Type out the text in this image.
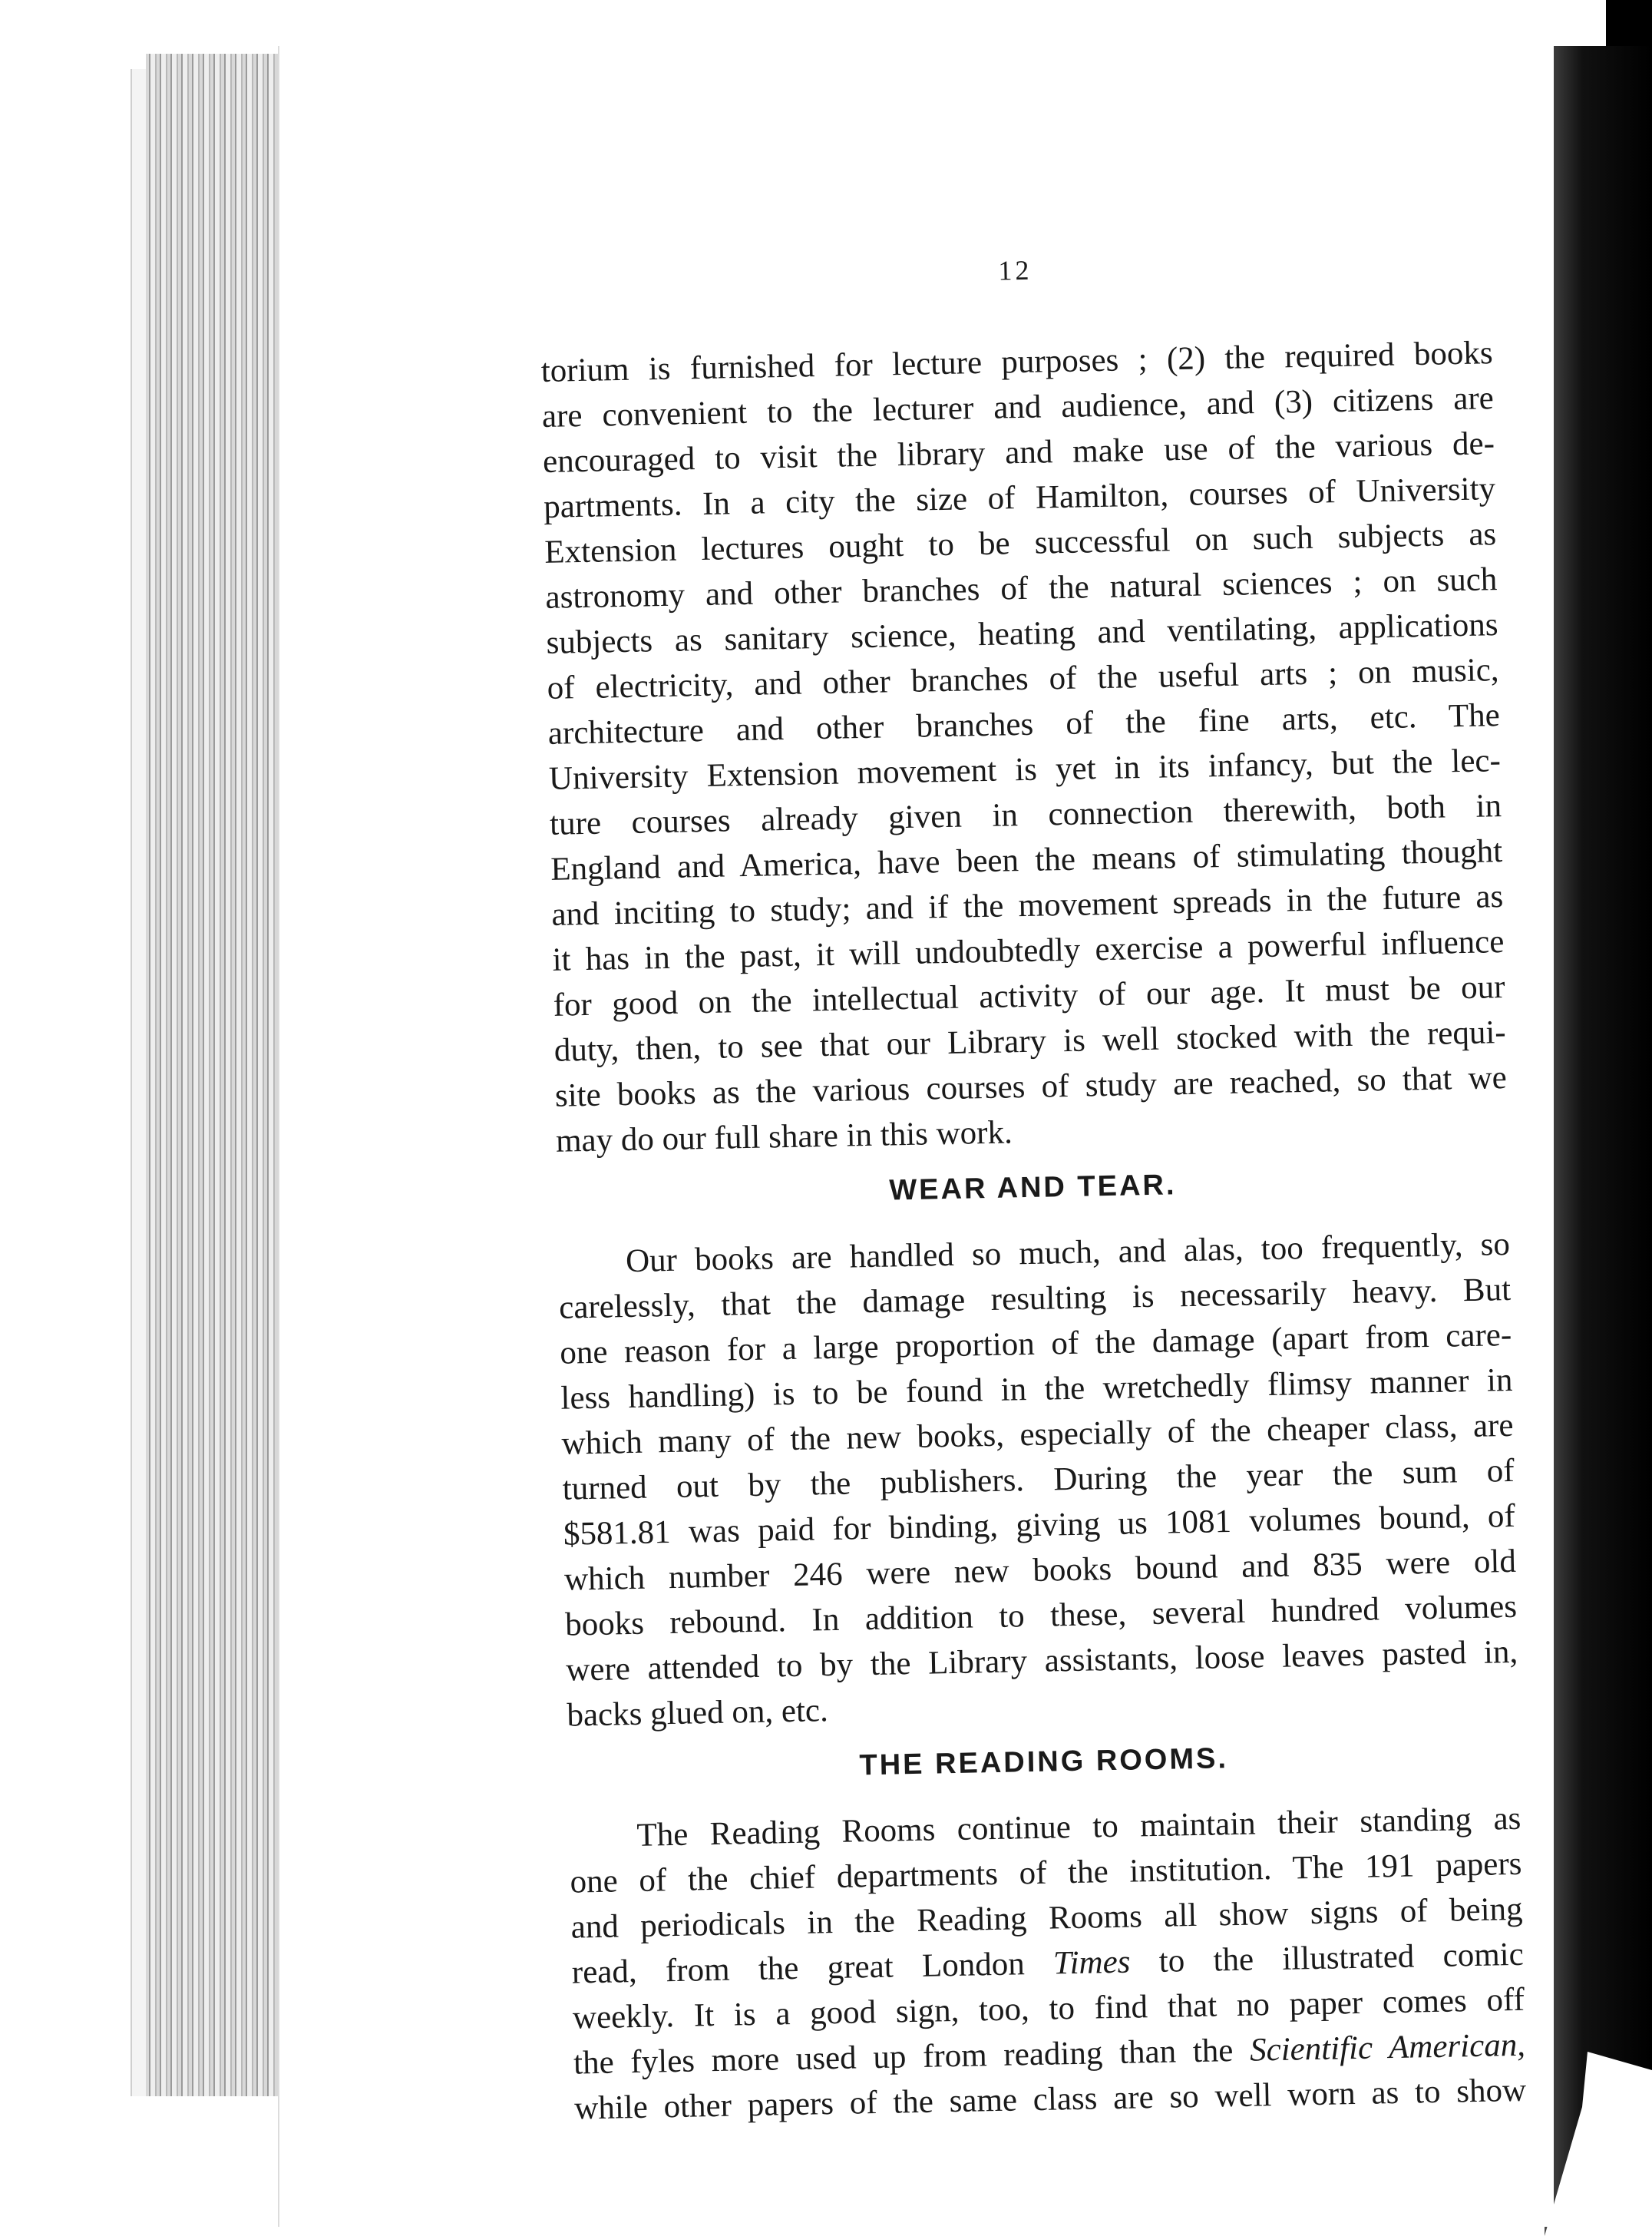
12
torium is furnished for lecture purposes ; (2) the required books
are convenient to the lecturer and audience, and (3) citizens are
encouraged to visit the library and make use of the various de-
partments. In a city the size of Hamilton, courses of University
Extension lectures ought to be successful on such subjects as
astronomy and other branches of the natural sciences ; on such
subjects as sanitary science, heating and ventilating, applications
of electricity, and other branches of the useful arts ; on music,
architecture and other branches of the fine arts, etc. The
University Extension movement is yet in its infancy, but the lec-
ture courses already given in connection therewith, both in
England and America, have been the means of stimulating thought
and inciting to study; and if the movement spreads in the future as
it has in the past, it will undoubtedly exercise a powerful influence
for good on the intellectual activity of our age. It must be our
duty, then, to see that our Library is well stocked with the requi-
site books as the various courses of study are reached, so that we
may do our full share in this work.
WEAR AND TEAR.
Our books are handled so much, and alas, too frequently, so
carelessly, that the damage resulting is necessarily heavy. But
one reason for a large proportion of the damage (apart from care-
less handling) is to be found in the wretchedly flimsy manner in
which many of the new books, especially of the cheaper class, are
turned out by the publishers. During the year the sum of
$581.81 was paid for binding, giving us 1081 volumes bound, of
which number 246 were new books bound and 835 were old
books rebound. In addition to these, several hundred volumes
were attended to by the Library assistants, loose leaves pasted in,
backs glued on, etc.
THE READING ROOMS.
The Reading Rooms continue to maintain their standing as
one of the chief departments of the institution. The 191 papers
and periodicals in the Reading Rooms all show signs of being
read, from the great London Times to the illustrated comic
weekly. It is a good sign, too, to find that no paper comes off
the fyles more used up from reading than the Scientific American,
while other papers of the same class are so well worn as to show
